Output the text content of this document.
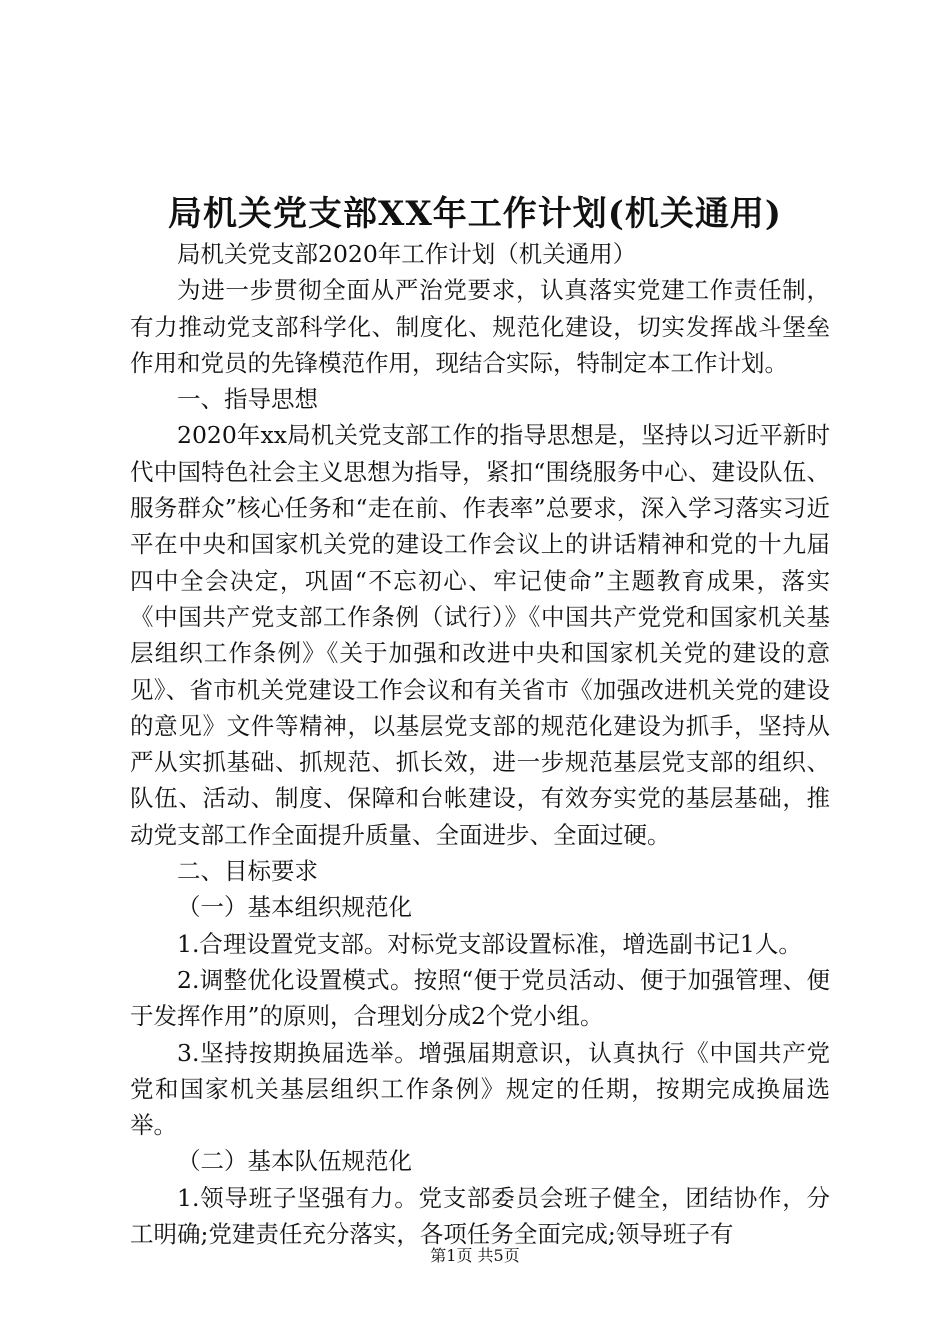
局机关党支部XX年工作计划(机关通用)

局机关党支部2020年工作计划（机关通用）

为进一步贯彻全面从严治党要求，认真落实党建工作责任制，有力推动党支部科学化、制度化、规范化建设，切实发挥战斗堡垒作用和党员的先锋模范作用，现结合实际，特制定本工作计划。

一、指导思想

2020年xx局机关党支部工作的指导思想是，坚持以习近平新时代中国特色社会主义思想为指导，紧扣“围绕服务中心、建设队伍、服务群众”核心任务和“走在前、作表率”总要求，深入学习落实习近平在中央和国家机关党的建设工作会议上的讲话精神和党的十九届四中全会决定，巩固“不忘初心、牢记使命”主题教育成果，落实《中国共产党支部工作条例（试行）》《中国共产党党和国家机关基层组织工作条例》《关于加强和改进中央和国家机关党的建设的意见》、省市机关党建设工作会议和有关省市《加强改进机关党的建设的意见》文件等精神，以基层党支部的规范化建设为抓手，坚持从严从实抓基础、抓规范、抓长效，进一步规范基层党支部的组织、队伍、活动、制度、保障和台帐建设，有效夯实党的基层基础，推动党支部工作全面提升质量、全面进步、全面过硬。

二、目标要求

（一）基本组织规范化

1.合理设置党支部。对标党支部设置标准，增选副书记1人。

2.调整优化设置模式。按照“便于党员活动、便于加强管理、便于发挥作用”的原则，合理划分成2个党小组。

3.坚持按期换届选举。增强届期意识，认真执行《中国共产党党和国家机关基层组织工作条例》规定的任期，按期完成换届选举。

（二）基本队伍规范化

1.领导班子坚强有力。党支部委员会班子健全，团结协作，分工明确;党建责任充分落实，各项任务全面完成;领导班子有

第1页 共5页
